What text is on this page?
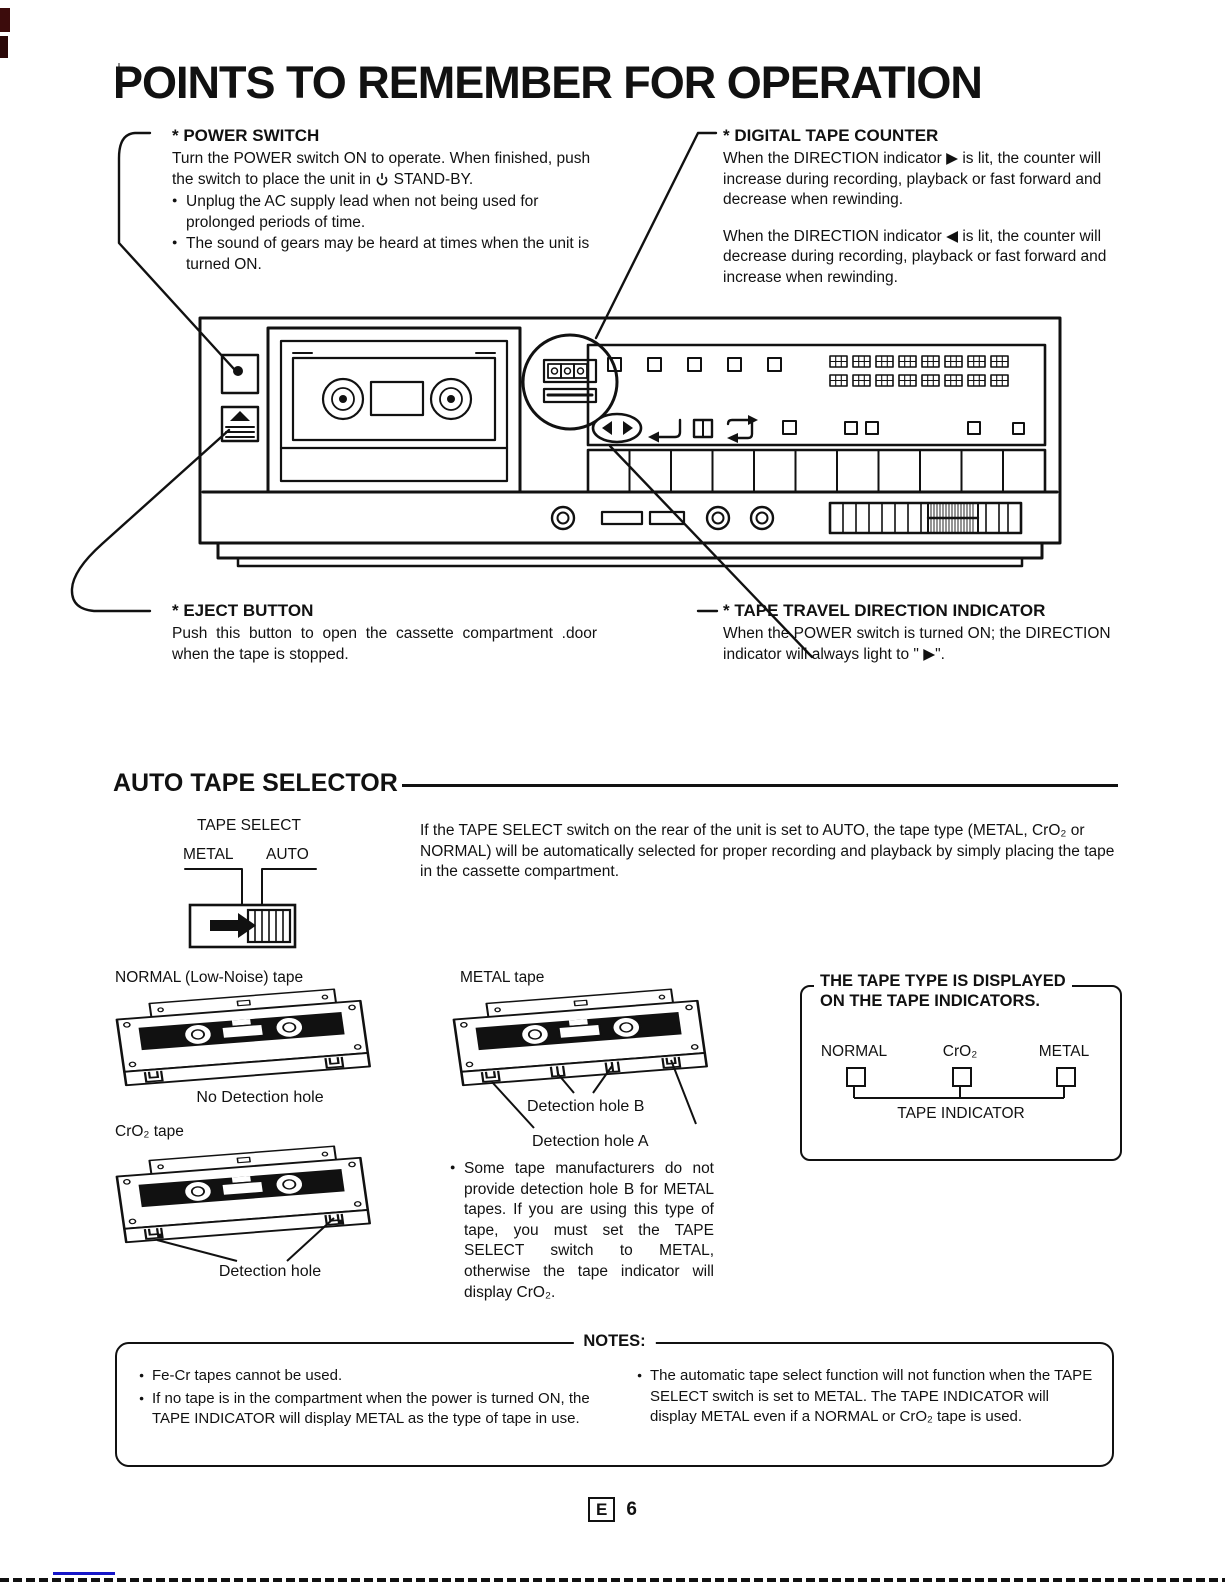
POINTS TO REMEMBER FOR OPERATION
* POWER SWITCH

Turn the POWER switch ON to operate. When finished, push the switch to place the unit in  STAND-BY.

● Unplug the AC supply lead when not being used for prolonged periods of time.
● The sound of gears may be heard at times when the unit is turned ON.
* DIGITAL TAPE COUNTER

When the DIRECTION indicator ▶ is lit, the counter will increase during recording, playback or fast forward and decrease when rewinding.

When the DIRECTION indicator ◀ is lit, the counter will decrease during recording, playback or fast forward and increase when rewinding.

* EJECT BUTTON

Push this button to open the cassette compartment .door when the tape is stopped.

* TAPE TRAVEL DIRECTION INDICATOR

When the POWER switch is turned ON; the DIRECTION indicator will always light to " ▶".

AUTO TAPE SELECTOR
TAPE SELECT
METAL AUTO

If the TAPE SELECT switch on the rear of the unit is set to AUTO, the tape type (METAL, CrO₂ or NORMAL) will be automatically selected for proper recording and playback by simply placing the tape in the cassette compartment.

NORMAL (Low-Noise) tape
No Detection hole
CrO₂ tape
Detection hole
METAL tape
Detection hole B
Detection hole A
● Some tape manufacturers do not provide detection hole B for METAL tapes. If you are using this type of tape, you must set the TAPE SELECT switch to METAL, otherwise the tape indicator will display CrO₂.
THE TAPE TYPE IS DISPLAYED
ON THE TAPE INDICATORS.
NORMAL	CrO₂	METAL
TAPE INDICATOR
NOTES:
● Fe-Cr tapes cannot be used.
● If no tape is in the compartment when the power is turned ON, the TAPE INDICATOR will display METAL as the type of tape in use.
● The automatic tape select function will not function when the TAPE SELECT switch is set to METAL. The TAPE INDICATOR will display METAL even if a NORMAL or CrO₂ tape is used.
E 6
